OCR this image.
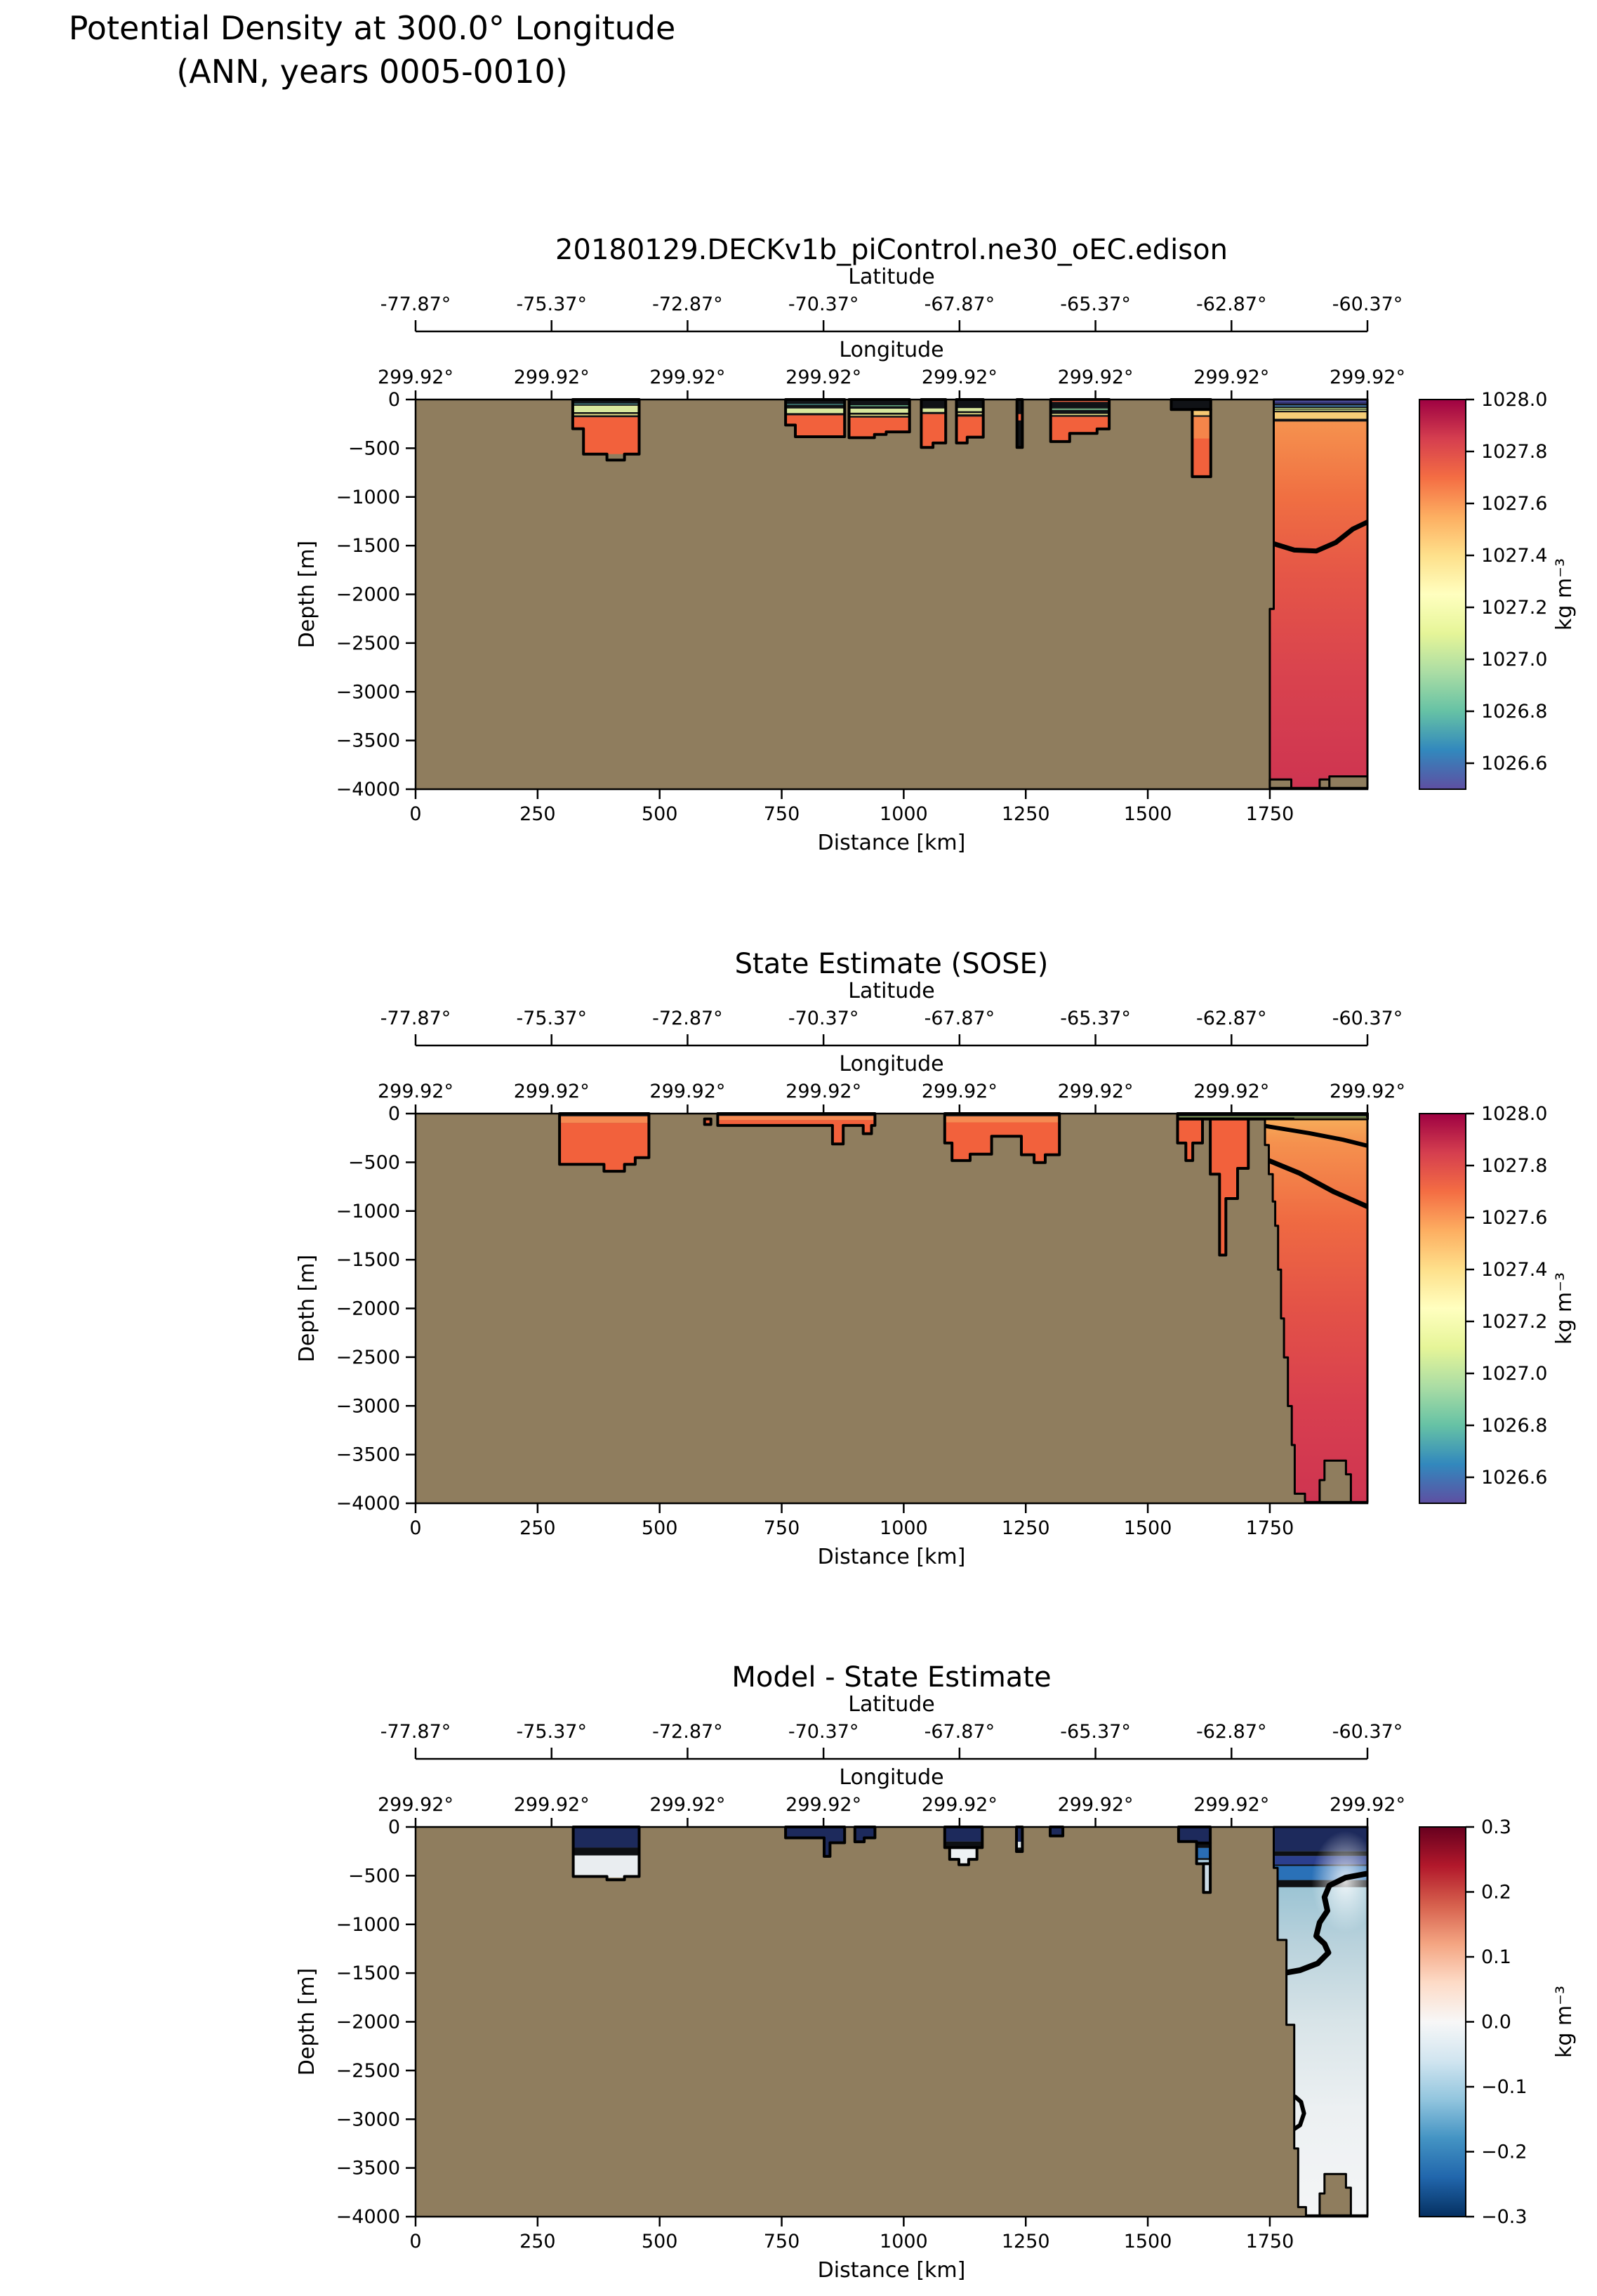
Potential Density at 300.0° Longitude
(ANN, years 0005-0010)
20180129.DECKv1b_piControl.ne30_oEC.edison
Latitude
-77.87°	-75.37°	-72.87°	-70.37°	-67.87°	-65.37°	-62.87°	-60.37°
Longitude
299.92°	299.92°	299.92°	299.92°	299.92°	299.92°	299.92°	299.92°
0
−500
−1000
−1500
−2000
−2500
−3000
−3500
−4000
Depth [m]
0	250	500	750	1000	1250	1500	1750
Distance [km]
1028.0
1027.8
1027.6
1027.4
1027.2
1027.0
1026.8
1026.6
kg m⁻³
State Estimate (SOSE)
Latitude
-77.87°	-75.37°	-72.87°	-70.37°	-67.87°	-65.37°	-62.87°	-60.37°
Longitude
299.92°	299.92°	299.92°	299.92°	299.92°	299.92°	299.92°	299.92°
0
−500
−1000
−1500
−2000
−2500
−3000
−3500
−4000
Depth [m]
0	250	500	750	1000	1250	1500	1750
Distance [km]
1028.0
1027.8
1027.6
1027.4
1027.2
1027.0
1026.8
1026.6
kg m⁻³
Model - State Estimate
Latitude
-77.87°	-75.37°	-72.87°	-70.37°	-67.87°	-65.37°	-62.87°	-60.37°
Longitude
299.92°	299.92°	299.92°	299.92°	299.92°	299.92°	299.92°	299.92°
0
−500
−1000
−1500
−2000
−2500
−3000
−3500
−4000
Depth [m]
0	250	500	750	1000	1250	1500	1750
Distance [km]
0.3
0.2
0.1
0.0
−0.1
−0.2
−0.3
kg m⁻³
